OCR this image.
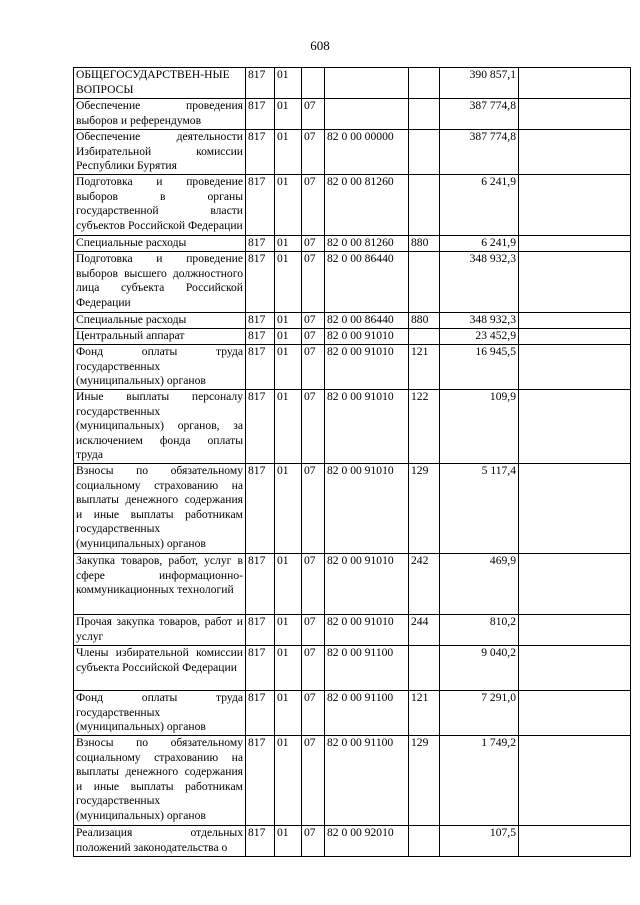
608
ОБЩЕГОСУДАРСТВЕН-НЫЕ ВОПРОСЫ	817	01				390 857,1	
Обеспечение проведения выборов и референдумов	817	01	07			387 774,8	
Обеспечение деятельности Избирательной комиссии Республики Бурятия	817	01	07	82 0 00 00000		387 774,8	
Подготовка и проведение выборов в органы государственной власти субъектов Российской Федерации	817	01	07	82 0 00 81260		6 241,9	
Специальные расходы	817	01	07	82 0 00 81260	880	6 241,9	
Подготовка и проведение выборов высшего должностного лица субъекта Российской Федерации	817	01	07	82 0 00 86440		348 932,3	
Специальные расходы	817	01	07	82 0 00 86440	880	348 932,3	
Центральный аппарат	817	01	07	82 0 00 91010		23 452,9	
Фонд оплаты труда государственных (муниципальных) органов	817	01	07	82 0 00 91010	121	16 945,5	
Иные выплаты персоналу государственных (муниципальных) органов, за исключением фонда оплаты труда	817	01	07	82 0 00 91010	122	109,9	
Взносы по обязательному социальному страхованию на выплаты денежного содержания и иные выплаты работникам государственных (муниципальных) органов	817	01	07	82 0 00 91010	129	5 117,4	
Закупка товаров, работ, услуг в сфере информационно-коммуникационных технологий	817	01	07	82 0 00 91010	242	469,9	
Прочая закупка товаров, работ и услуг	817	01	07	82 0 00 91010	244	810,2	
Члены избирательной комиссии субъекта Российской Федерации	817	01	07	82 0 00 91100		9 040,2	
Фонд оплаты труда государственных (муниципальных) органов	817	01	07	82 0 00 91100	121	7 291,0	
Взносы по обязательному социальному страхованию на выплаты денежного содержания и иные выплаты работникам государственных (муниципальных) органов	817	01	07	82 0 00 91100	129	1 749,2	
Реализация отдельных положений законодательства о	817	01	07	82 0 00 92010		107,5	
